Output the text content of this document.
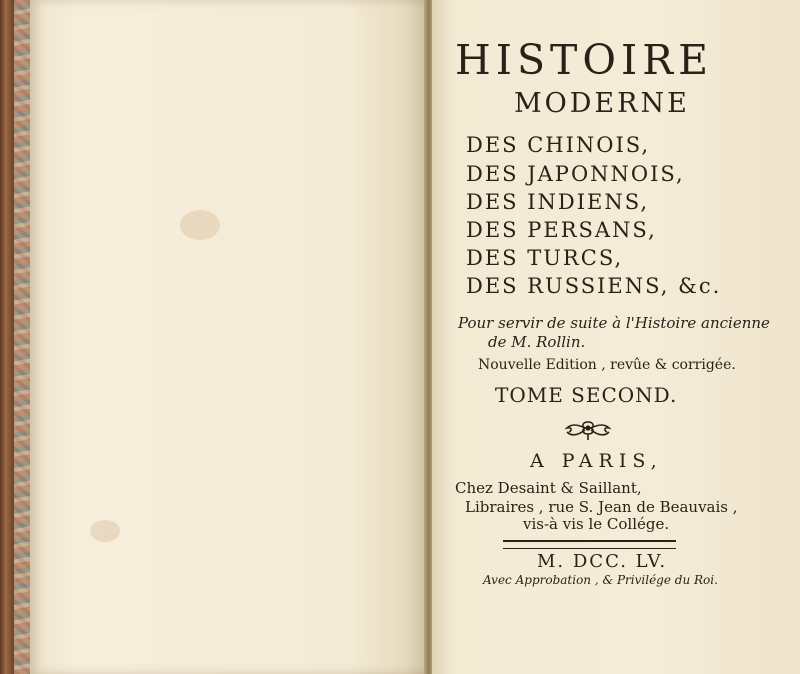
HISTOIRE
MODERNE
DES CHINOIS,
DES JAPONNOIS,
DES INDIENS,
DES PERSANS,
DES TURCS,
DES RUSSIENS, &c.
Pour servir de suite à l'Histoire ancienne
de M. Rollin.
Nouvelle Edition , revûe & corrigée.
TOME SECOND.
A PARIS,
Chez Desaint & Saillant,
Libraires , rue S. Jean de Beauvais ,
vis-à vis le Collége.
M. DCC. LV.
Avec Approbation , & Privilége du Roi.
